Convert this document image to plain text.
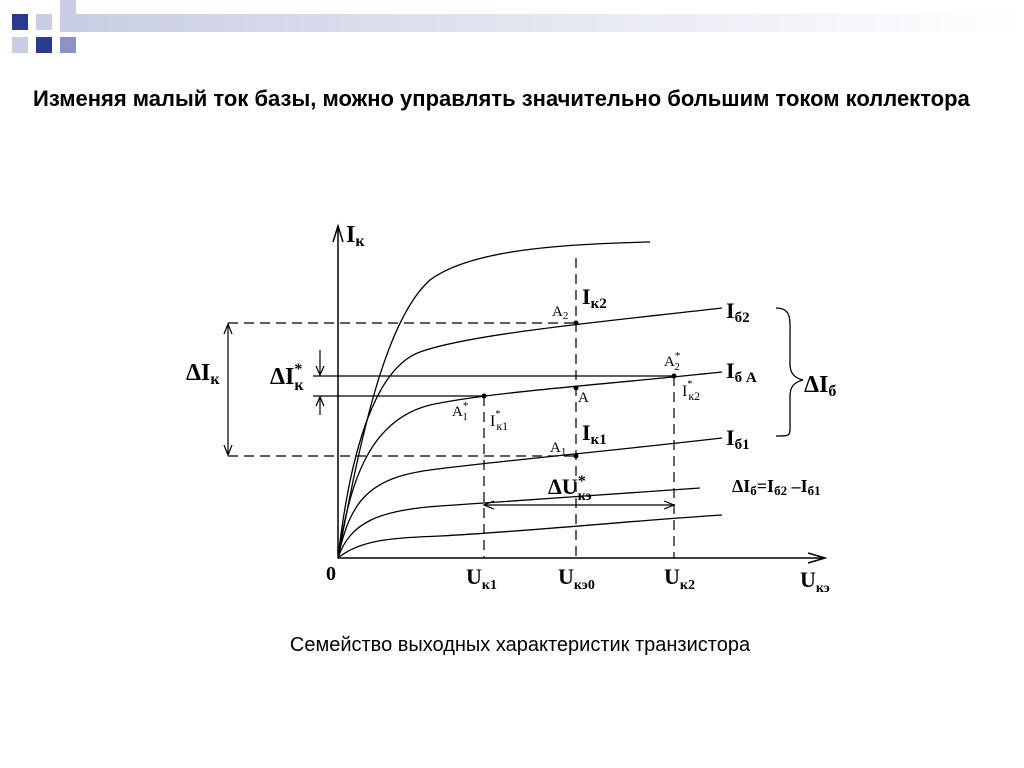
Изменяя малый ток базы, можно управлять значительно большим током коллектора
Iк
$U_{кэ}$
0
Iб2
Iб A
Iб1
ΔIб
ΔIк ΔI* к
ΔU* кэ
ΔIб=Iб2 –Iб1
$A_2$
Iк2
A
$A_1$
Iк1
A* 1 I* к1
A* 2
I* к2
$U_{к1}$	$U_{кэ0}$	$U_{к2}$
Семейство выходных характеристик транзистора
